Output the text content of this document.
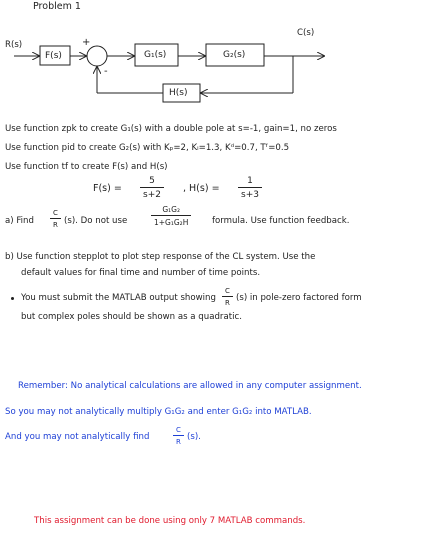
Problem 1
R(s)
C(s)
F(s)	G₁(s)	G₂(s)
H(s)
+
-
Use function zpk to create G₁(s) with a double pole at s=-1, gain=1, no zeros
Use function pid to create G₂(s) with Kₚ=2, Kᵢ=1.3, Kᵈ=0.7, Tᶠ=0.5
Use function tf to create F(s) and H(s)
$F(s) = \frac{5}{s+2}$ , $H(s) = \frac{1}{s+3}$
a) Find $\frac{C}{R} (s)$. Do not use	$\frac{\text{G₁G₂}}{\text{1+G₁G₂H}}$ formula. Use function feedback.
b) Use function stepplot to plot step response of the CL system. Use the
default values for final time and number of time points.
You must submit the MATLAB output showing $\frac{C}{R} (s)$ in pole-zero factored form
but complex poles should be shown as a quadratic.
Remember: No analytical calculations are allowed in any computer assignment.
So you may not analytically multiply G₁G₂ and enter G₁G₂ into MATLAB.
And you may not analytically find	$\frac{C}{R} (s)$.
This assignment can be done using only 7 MATLAB commands.
